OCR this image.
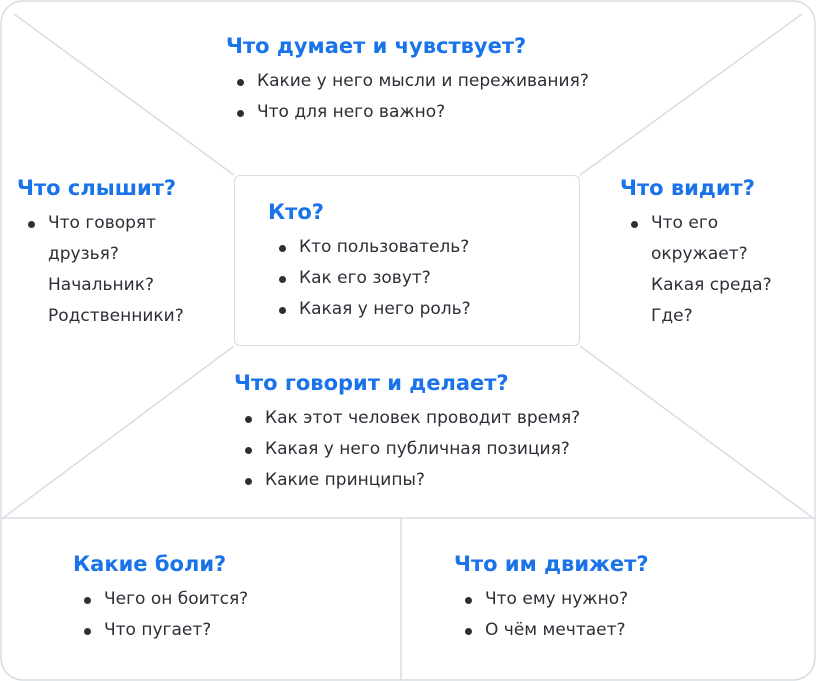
Что думает и чувствует?
Какие у него мысли и переживания?
Что для него важно?
Что слышит?
Что говорят
друзья?
Начальник?
Родственники?
Что видит?
Что его
окружает?
Какая среда?
Где?
Кто?
Кто пользователь?
Как его зовут?
Какая у него роль?
Что говорит и делает?
Как этот человек проводит время?
Какая у него публичная позиция?
Какие принципы?
Какие боли?
Чего он боится?
Что пугает?
Что им движет?
Что ему нужно?
О чём мечтает?
